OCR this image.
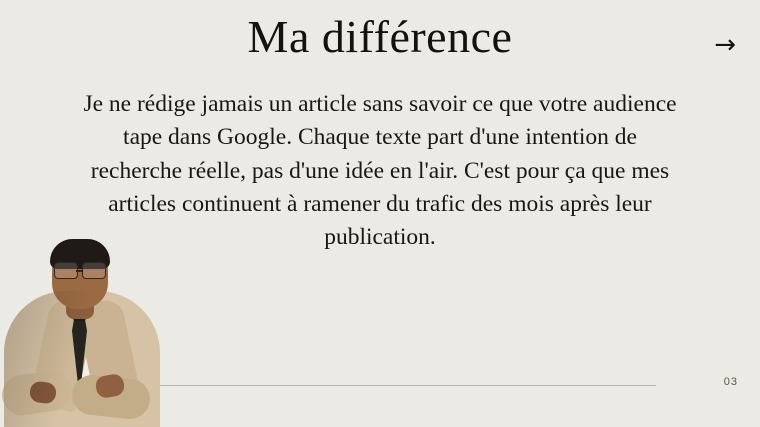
Ma différence	→
Je ne rédige jamais un article sans savoir ce que votre audience tape dans Google. Chaque texte part d'une intention de recherche réelle, pas d'une idée en l'air. C'est pour ça que mes articles continuent à ramener du trafic des mois après leur publication.
03
